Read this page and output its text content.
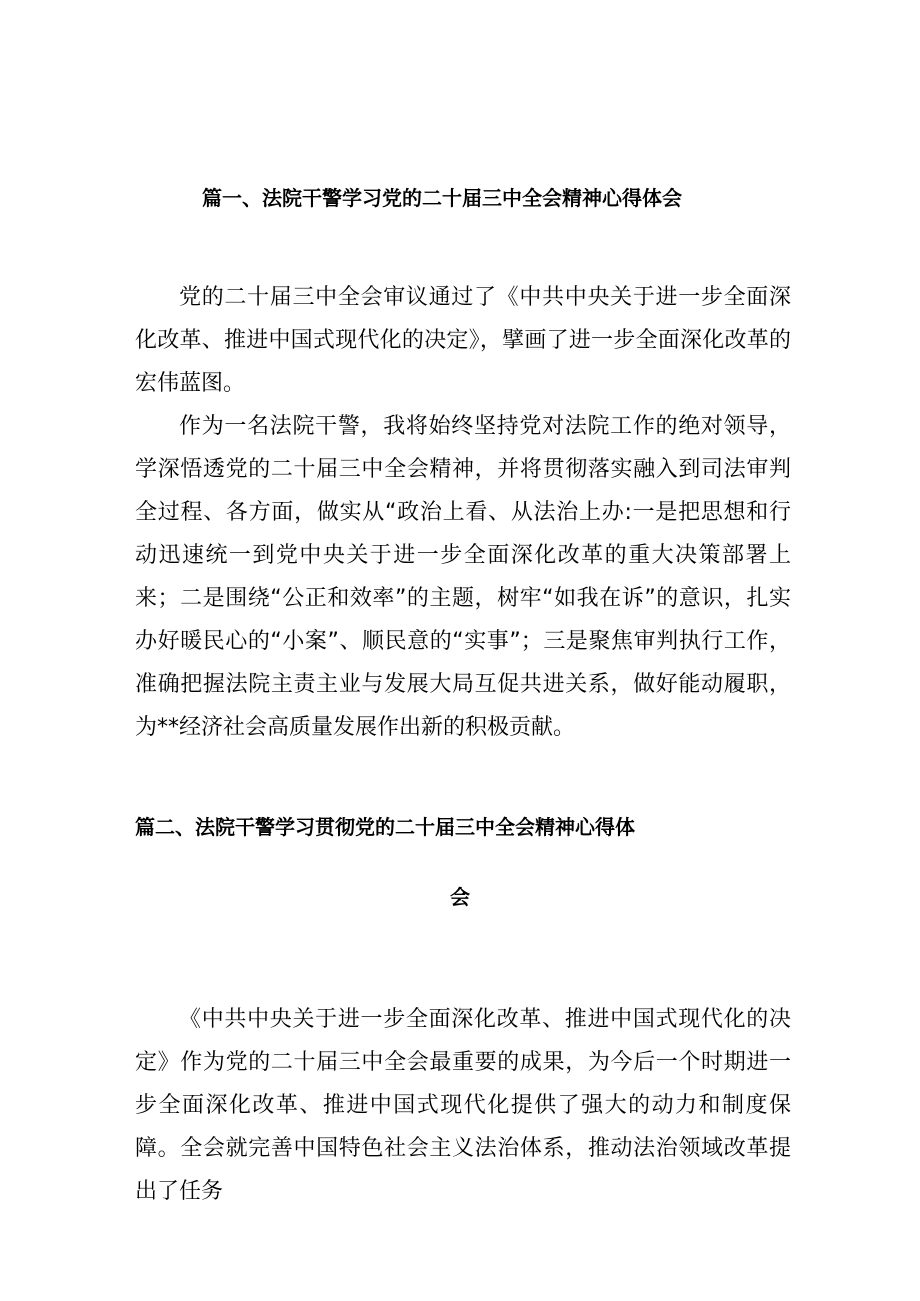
篇一、法院干警学习党的二十届三中全会精神心得体会

党的二十届三中全会审议通过了《中共中央关于进一步全面深化改革、推进中国式现代化的决定》，擘画了进一步全面深化改革的宏伟蓝图。

作为一名法院干警，我将始终坚持党对法院工作的绝对领导，学深悟透党的二十届三中全会精神，并将贯彻落实融入到司法审判全过程、各方面，做实从“政治上看、从法治上办:一是把思想和行动迅速统一到党中央关于进一步全面深化改革的重大决策部署上来；二是围绕“公正和效率”的主题，树牢“如我在诉”的意识，扎实办好暖民心的“小案”、顺民意的“实事”；三是聚焦审判执行工作，准确把握法院主责主业与发展大局互促共进关系，做好能动履职，为**经济社会高质量发展作出新的积极贡献。

篇二、法院干警学习贯彻党的二十届三中全会精神心得体
会

《中共中央关于进一步全面深化改革、推进中国式现代化的决定》作为党的二十届三中全会最重要的成果，为今后一个时期进一步全面深化改革、推进中国式现代化提供了强大的动力和制度保障。全会就完善中国特色社会主义法治体系，推动法治领域改革提出了任务
